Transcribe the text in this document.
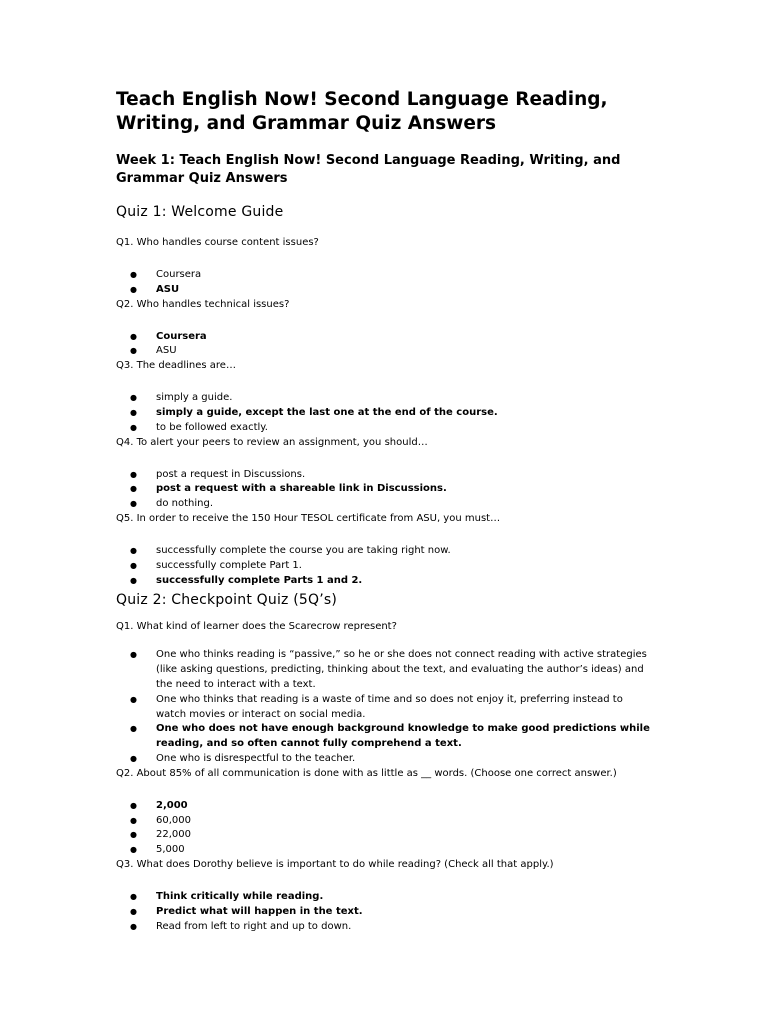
Teach English Now! Second Language Reading, Writing, and Grammar Quiz Answers
Week 1: Teach English Now! Second Language Reading, Writing, and Grammar Quiz Answers
Quiz 1: Welcome Guide

Q1. Who handles course content issues?

● Coursera
● ASU

Q2. Who handles technical issues?

● Coursera
● ASU

Q3. The deadlines are…

● simply a guide.
● simply a guide, except the last one at the end of the course.
● to be followed exactly.

Q4. To alert your peers to review an assignment, you should…

● post a request in Discussions.
● post a request with a shareable link in Discussions.
● do nothing.

Q5. In order to receive the 150 Hour TESOL certificate from ASU, you must…

● successfully complete the course you are taking right now.
● successfully complete Part 1.
● successfully complete Parts 1 and 2.
Quiz 2: Checkpoint Quiz (5Q’s)

Q1. What kind of learner does the Scarecrow represent?

● One who thinks reading is “passive,” so he or she does not connect reading with active strategies (like asking questions, predicting, thinking about the text, and evaluating the author’s ideas) and the need to interact with a text.
● One who thinks that reading is a waste of time and so does not enjoy it, preferring instead to watch movies or interact on social media.
● One who does not have enough background knowledge to make good predictions while reading, and so often cannot fully comprehend a text.
● One who is disrespectful to the teacher.

Q2. About 85% of all communication is done with as little as __ words. (Choose one correct answer.)

● 2,000
● 60,000
● 22,000
● 5,000

Q3. What does Dorothy believe is important to do while reading? (Check all that apply.)

● Think critically while reading.
● Predict what will happen in the text.
● Read from left to right and up to down.
